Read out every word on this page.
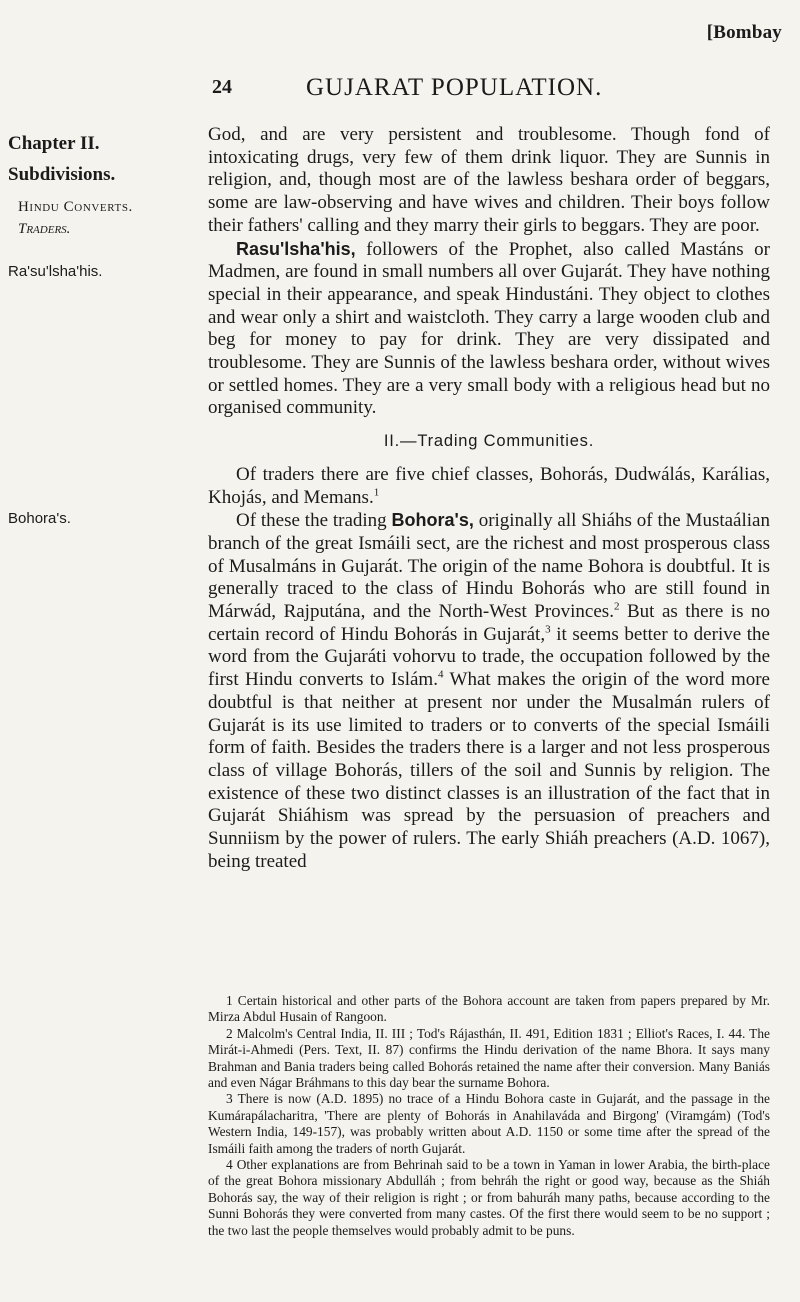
[Bombay
24	GUJARAT POPULATION.
Chapter II.
Subdivisions.
Hindu Converts.
Traders.
Ra'su'lsha'his.
Bohora's.

God, and are very persistent and troublesome. Though fond of intoxicating drugs, very few of them drink liquor. They are Sunnis in religion, and, though most are of the lawless beshara order of beggars, some are law-observing and have wives and children. Their boys follow their fathers' calling and they marry their girls to beggars. They are poor.

Rasu'lsha'his, followers of the Prophet, also called Mastáns or Madmen, are found in small numbers all over Gujarát. They have nothing special in their appearance, and speak Hindustáni. They object to clothes and wear only a shirt and waistcloth. They carry a large wooden club and beg for money to pay for drink. They are very dissipated and troublesome. They are Sunnis of the lawless beshara order, without wives or settled homes. They are a very small body with a religious head but no organised community.

II.—Trading Communities.

Of traders there are five chief classes, Bohorás, Dudwálás, Karálias, Khojás, and Memans.$^1$

Of these the trading Bohora's, originally all Shiáhs of the Mustaálian branch of the great Ismáili sect, are the richest and most prosperous class of Musalmáns in Gujarát. The origin of the name Bohora is doubtful. It is generally traced to the class of Hindu Bohorás who are still found in Márwád, Rajputána, and the North-West Provinces.$^2$ But as there is no certain record of Hindu Bohorás in Gujarát,$^3$ it seems better to derive the word from the Gujaráti vohorvu to trade, the occupation followed by the first Hindu converts to Islám.$^4$ What makes the origin of the word more doubtful is that neither at present nor under the Musalmán rulers of Gujarát is its use limited to traders or to converts of the special Ismáili form of faith. Besides the traders there is a larger and not less prosperous class of village Bohorás, tillers of the soil and Sunnis by religion. The existence of these two distinct classes is an illustration of the fact that in Gujarát Shiáhism was spread by the persuasion of preachers and Sunniism by the power of rulers. The early Shiáh preachers (A.D. 1067), being treated

1 Certain historical and other parts of the Bohora account are taken from papers prepared by Mr. Mirza Abdul Husain of Rangoon.

2 Malcolm's Central India, II. III ; Tod's Rájasthán, II. 491, Edition 1831 ; Elliot's Races, I. 44. The Mirát-i-Ahmedi (Pers. Text, II. 87) confirms the Hindu derivation of the name Bhora. It says many Brahman and Bania traders being called Bohorás retained the name after their conversion. Many Baniás and even Nágar Bráhmans to this day bear the surname Bohora.

3 There is now (A.D. 1895) no trace of a Hindu Bohora caste in Gujarát, and the passage in the Kumárapálacharitra, 'There are plenty of Bohorás in Anahilaváda and Birgong' (Viramgám) (Tod's Western India, 149-157), was probably written about A.D. 1150 or some time after the spread of the Ismáili faith among the traders of north Gujarát.

4 Other explanations are from Behrinah said to be a town in Yaman in lower Arabia, the birth-place of the great Bohora missionary Abdulláh ; from behráh the right or good way, because as the Shiáh Bohorás say, the way of their religion is right ; or from bahuráh many paths, because according to the Sunni Bohorás they were converted from many castes. Of the first there would seem to be no support ; the two last the people themselves would probably admit to be puns.
